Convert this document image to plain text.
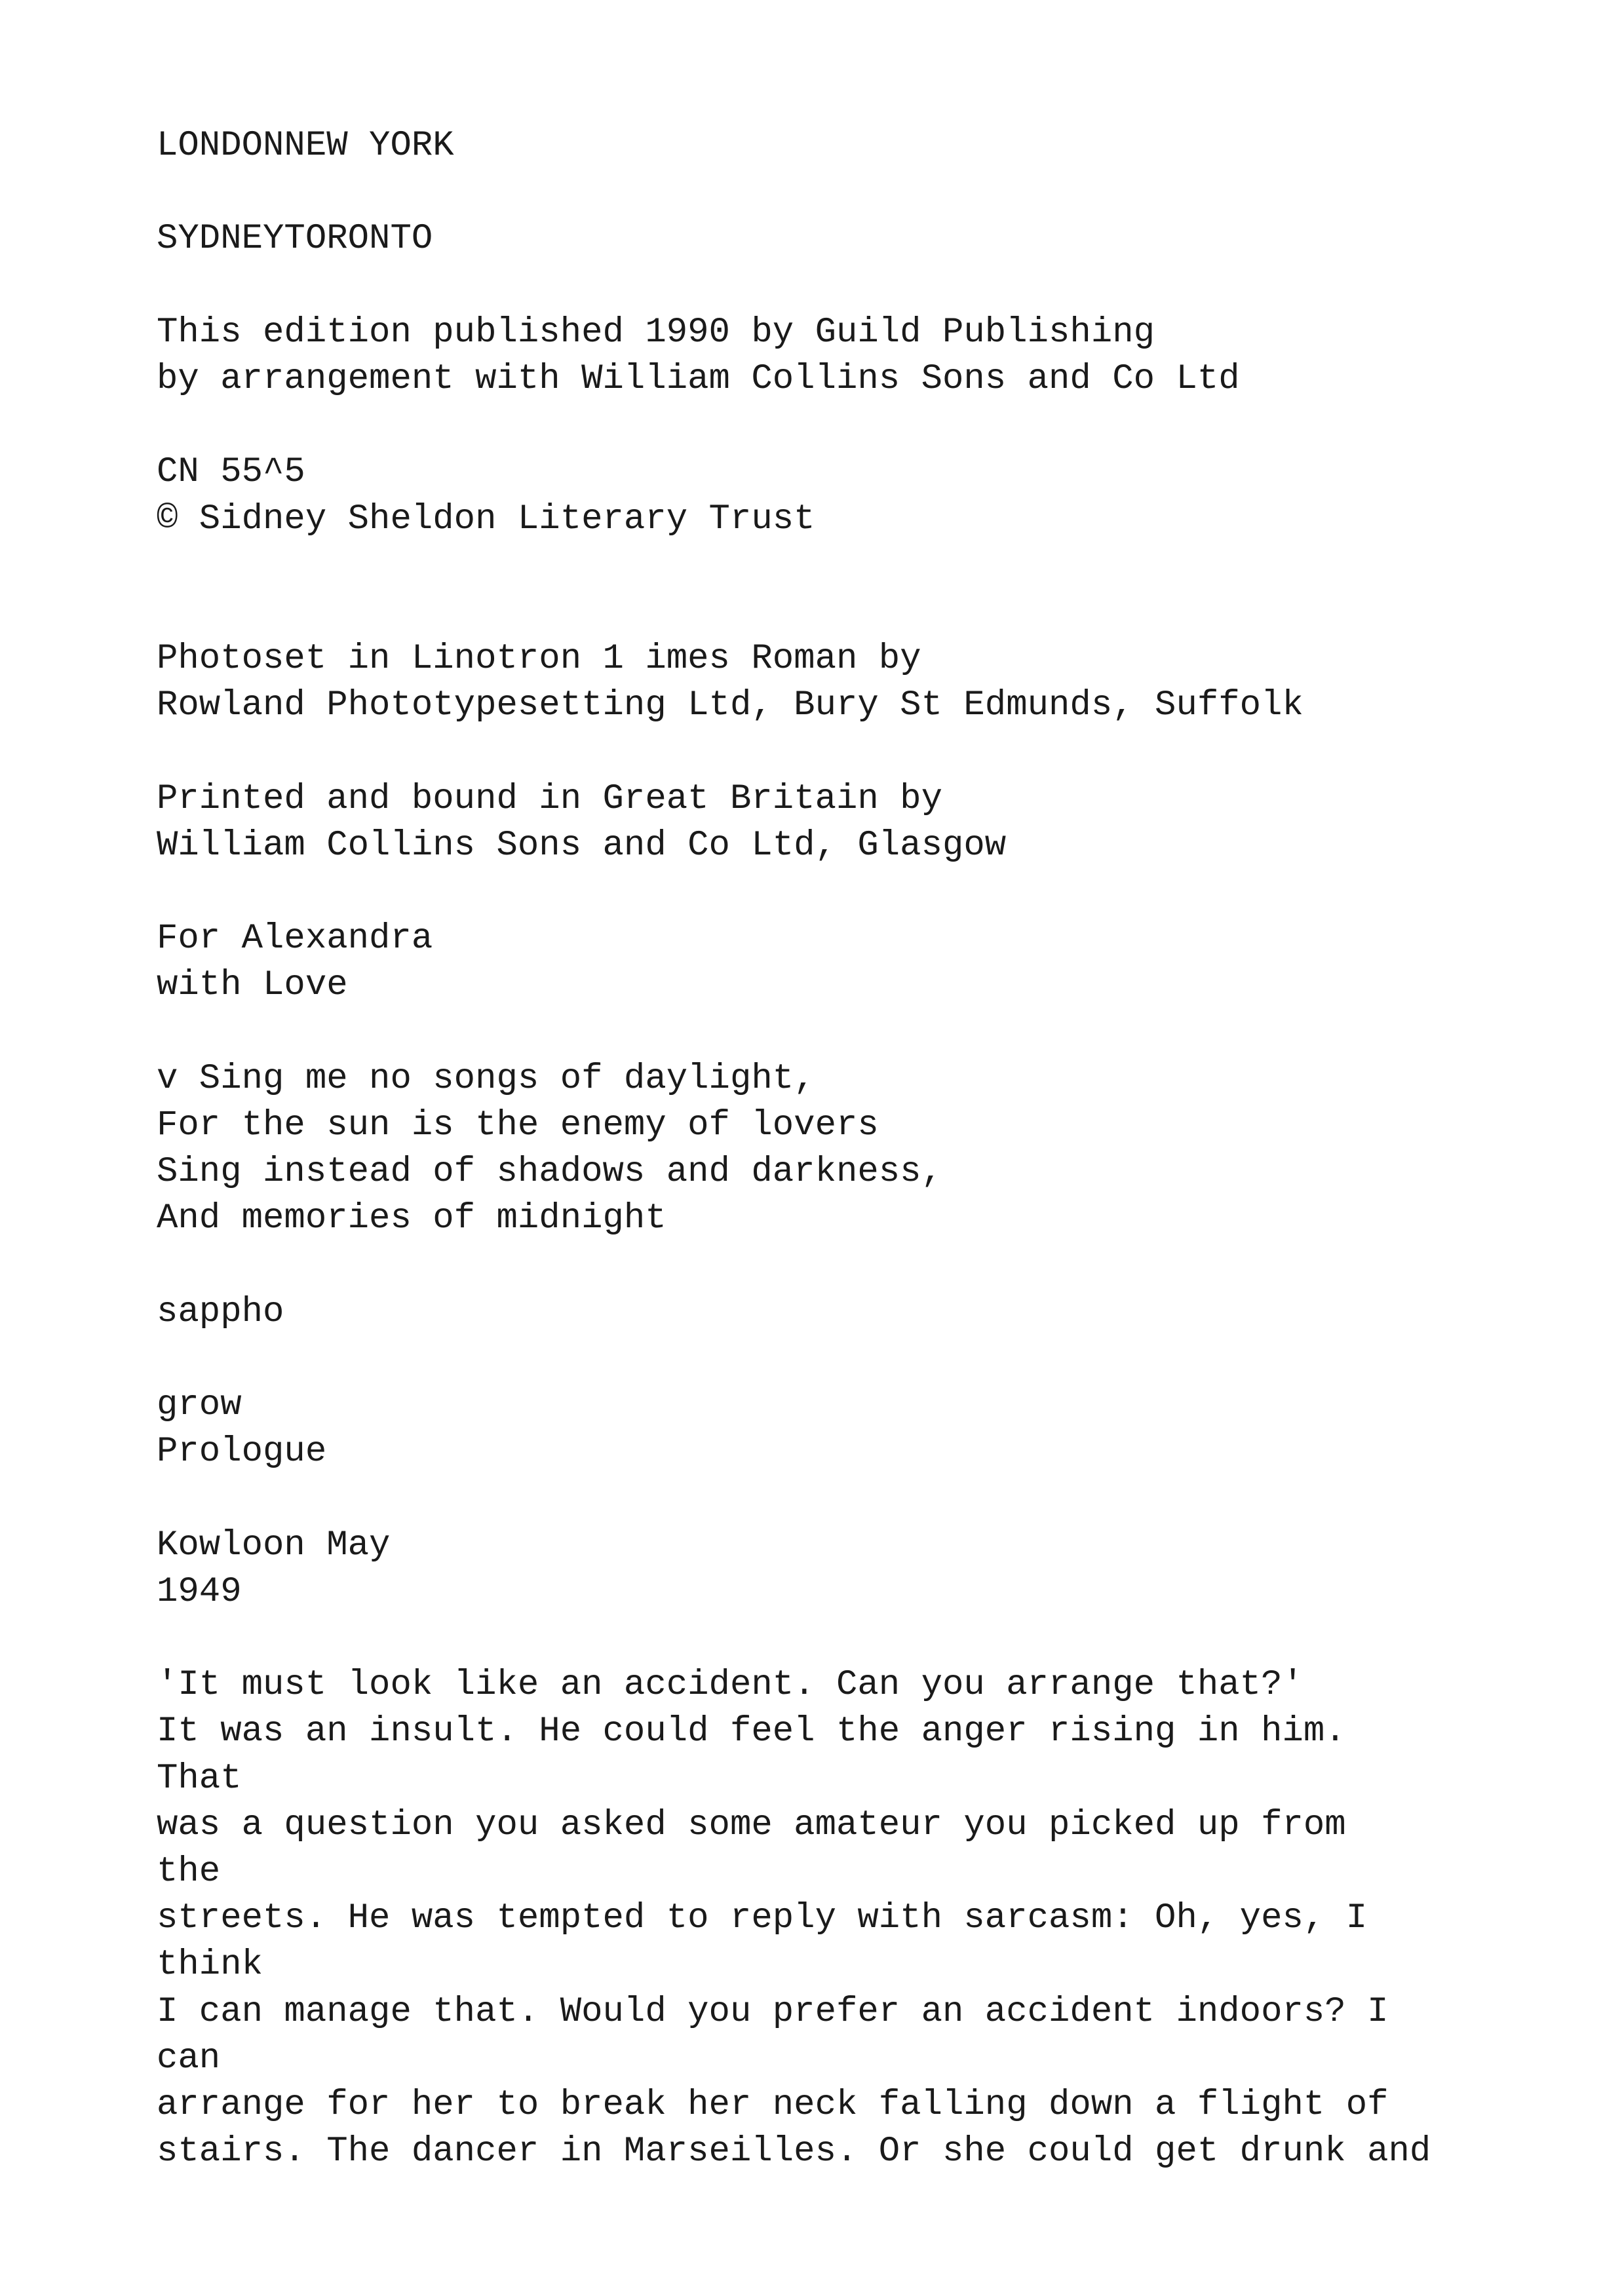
LONDONNEW YORK
SYDNEYTORONTO
This edition published 1990 by Guild Publishing
by arrangement with William Collins Sons and Co Ltd
CN 55^5
© Sidney Sheldon Literary Trust
Photoset in Linotron 1 imes Roman by
Rowland Phototypesetting Ltd, Bury St Edmunds, Suffolk
Printed and bound in Great Britain by
William Collins Sons and Co Ltd, Glasgow
For Alexandra
with Love
v Sing me no songs of daylight,
For the sun is the enemy of lovers
Sing instead of shadows and darkness,
And memories of midnight
sappho
grow
Prologue
Kowloon May
1949
'It must look like an accident. Can you arrange that?'
It was an insult. He could feel the anger rising in him.
That
was a question you asked some amateur you picked up from
the
streets. He was tempted to reply with sarcasm: Oh, yes, I
think
I can manage that. Would you prefer an accident indoors? I
can
arrange for her to break her neck falling down a flight of
stairs. The dancer in Marseilles. Or she could get drunk and
